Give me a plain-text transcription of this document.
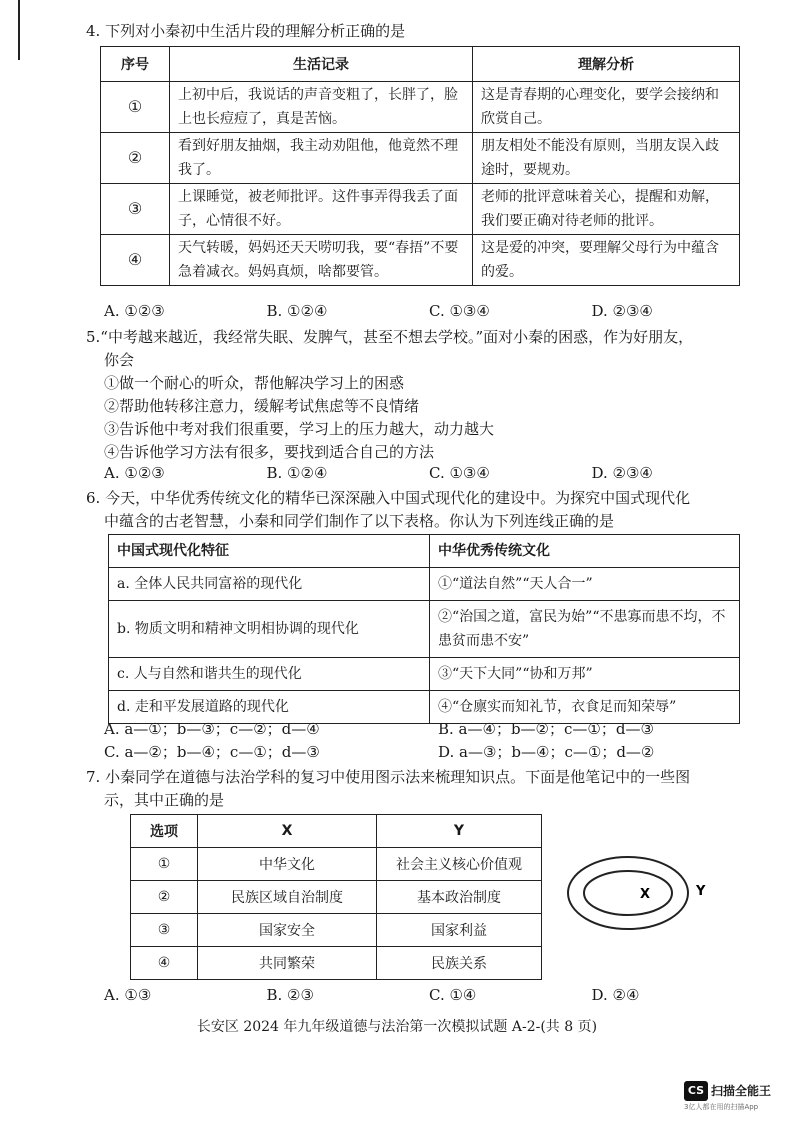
4. 下列对小秦初中生活片段的理解分析正确的是
序号	生活记录	理解分析
①	上初中后，我说话的声音变粗了，长胖了，脸上也长痘痘了，真是苦恼。	这是青春期的心理变化，要学会接纳和欣赏自己。
②	看到好朋友抽烟，我主动劝阻他，他竟然不理我了。	朋友相处不能没有原则，当朋友误入歧途时，要规劝。
③	上课睡觉，被老师批评。这件事弄得我丢了面子，心情很不好。	老师的批评意味着关心，提醒和劝解，我们要正确对待老师的批评。
④	天气转暖，妈妈还天天唠叨我，要“春捂”不要急着减衣。妈妈真烦，啥都要管。	这是爱的冲突，要理解父母行为中蕴含的爱。
A. ①②③	B. ①②④	C. ①③④	D. ②③④
5.“中考越来越近，我经常失眠、发脾气，甚至不想去学校。”面对小秦的困惑，作为好朋友，
你会
①做一个耐心的听众，帮他解决学习上的困惑
②帮助他转移注意力，缓解考试焦虑等不良情绪
③告诉他中考对我们很重要，学习上的压力越大，动力越大
④告诉他学习方法有很多，要找到适合自己的方法
A. ①②③	B. ①②④	C. ①③④	D. ②③④
6. 今天，中华优秀传统文化的精华已深深融入中国式现代化的建设中。为探究中国式现代化
中蕴含的古老智慧，小秦和同学们制作了以下表格。你认为下列连线正确的是
中国式现代化特征	中华优秀传统文化
a. 全体人民共同富裕的现代化	①“道法自然”“天人合一”
b. 物质文明和精神文明相协调的现代化	②“治国之道，富民为始”“不患寡而患不均，不患贫而患不安”
c. 人与自然和谐共生的现代化	③“天下大同”“协和万邦”
d. 走和平发展道路的现代化	④“仓廪实而知礼节，衣食足而知荣辱”
A. a—①；b—③；c—②；d—④	B. a—④；b—②；c—①；d—③
C. a—②；b—④；c—①；d—③	D. a—③；b—④；c—①；d—②
7. 小秦同学在道德与法治学科的复习中使用图示法来梳理知识点。下面是他笔记中的一些图
示，其中正确的是
选项	X	Y
①	中华文化	社会主义核心价值观
②	民族区域自治制度	基本政治制度
③	国家安全	国家利益
④	共同繁荣	民族关系
X	Y
A. ①③	B. ②③	C. ①④	D. ②④
长安区 2024 年九年级道德与法治第一次模拟试题 A-2-(共 8 页)
CS 扫描全能王
3亿人都在用的扫描App
